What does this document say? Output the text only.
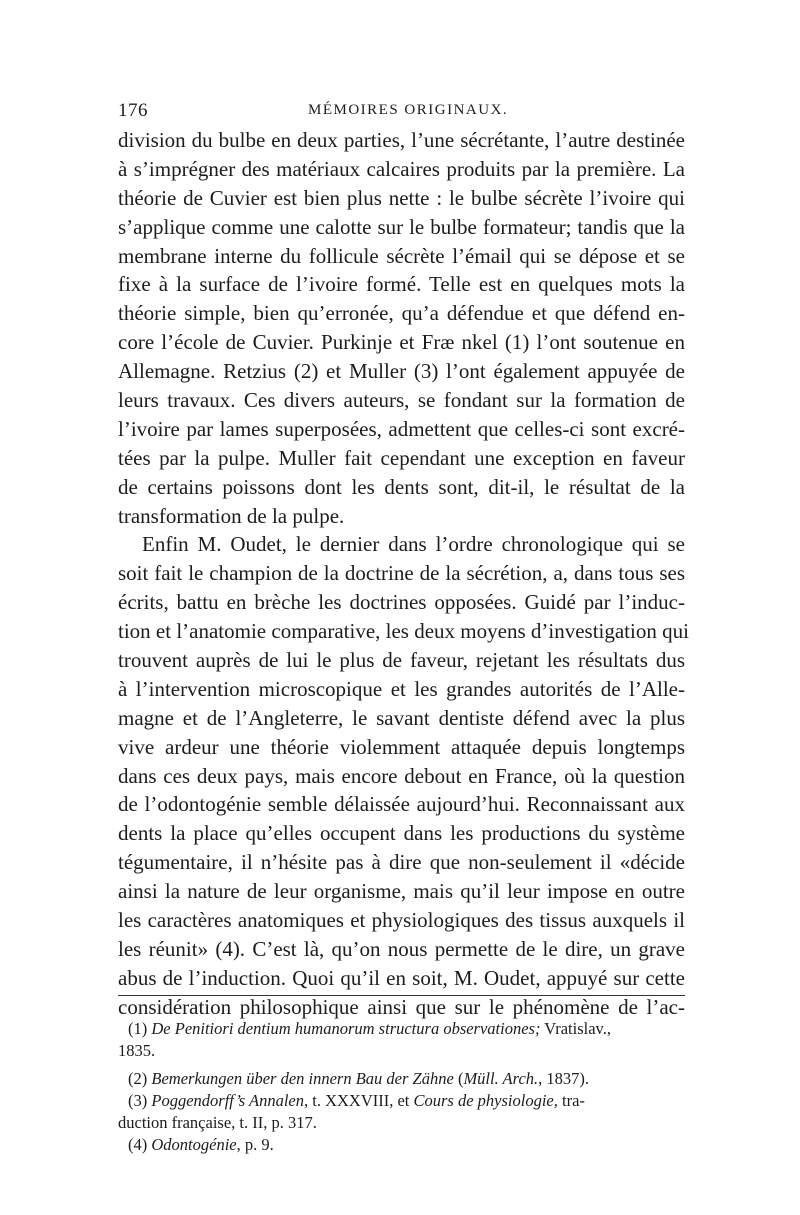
176	MÉMOIRES ORIGINAUX.
division du bulbe en deux parties, l’une sécrétante, l’autre destinée
à s’imprégner des matériaux calcaires produits par la première. La
théorie de Cuvier est bien plus nette : le bulbe sécrète l’ivoire qui
s’applique comme une calotte sur le bulbe formateur; tandis que la
membrane interne du follicule sécrète l’émail qui se dépose et se
fixe à la surface de l’ivoire formé. Telle est en quelques mots la
théorie simple, bien qu’erronée, qu’a défendue et que défend en-
core l’école de Cuvier. Purkinje et Fræ nkel (1) l’ont soutenue en
Allemagne. Retzius (2) et Muller (3) l’ont également appuyée de
leurs travaux. Ces divers auteurs, se fondant sur la formation de
l’ivoire par lames superposées, admettent que celles-ci sont excré-
tées par la pulpe. Muller fait cependant une exception en faveur
de certains poissons dont les dents sont, dit-il, le résultat de la
transformation de la pulpe.
Enfin M. Oudet, le dernier dans l’ordre chronologique qui se
soit fait le champion de la doctrine de la sécrétion, a, dans tous ses
écrits, battu en brèche les doctrines opposées. Guidé par l’induc-
tion et l’anatomie comparative, les deux moyens d’investigation qui
trouvent auprès de lui le plus de faveur, rejetant les résultats dus
à l’intervention microscopique et les grandes autorités de l’Alle-
magne et de l’Angleterre, le savant dentiste défend avec la plus
vive ardeur une théorie violemment attaquée depuis longtemps
dans ces deux pays, mais encore debout en France, où la question
de l’odontogénie semble délaissée aujourd’hui. Reconnaissant aux
dents la place qu’elles occupent dans les productions du système
tégumentaire, il n’hésite pas à dire que non-seulement il «décide
ainsi la nature de leur organisme, mais qu’il leur impose en outre
les caractères anatomiques et physiologiques des tissus auxquels il
les réunit» (4). C’est là, qu’on nous permette de le dire, un grave
abus de l’induction. Quoi qu’il en soit, M. Oudet, appuyé sur cette
considération philosophique ainsi que sur le phénomène de l’ac-
(1) De Penitiori dentium humanorum structura observationes; Vratislav.,
1835.
(2) Bemerkungen über den innern Bau der Zähne (Müll. Arch., 1837).
(3) Poggendorff’s Annalen, t. XXXVIII, et Cours de physiologie, tra-
duction française, t. II, p. 317.
(4) Odontogénie, p. 9.
